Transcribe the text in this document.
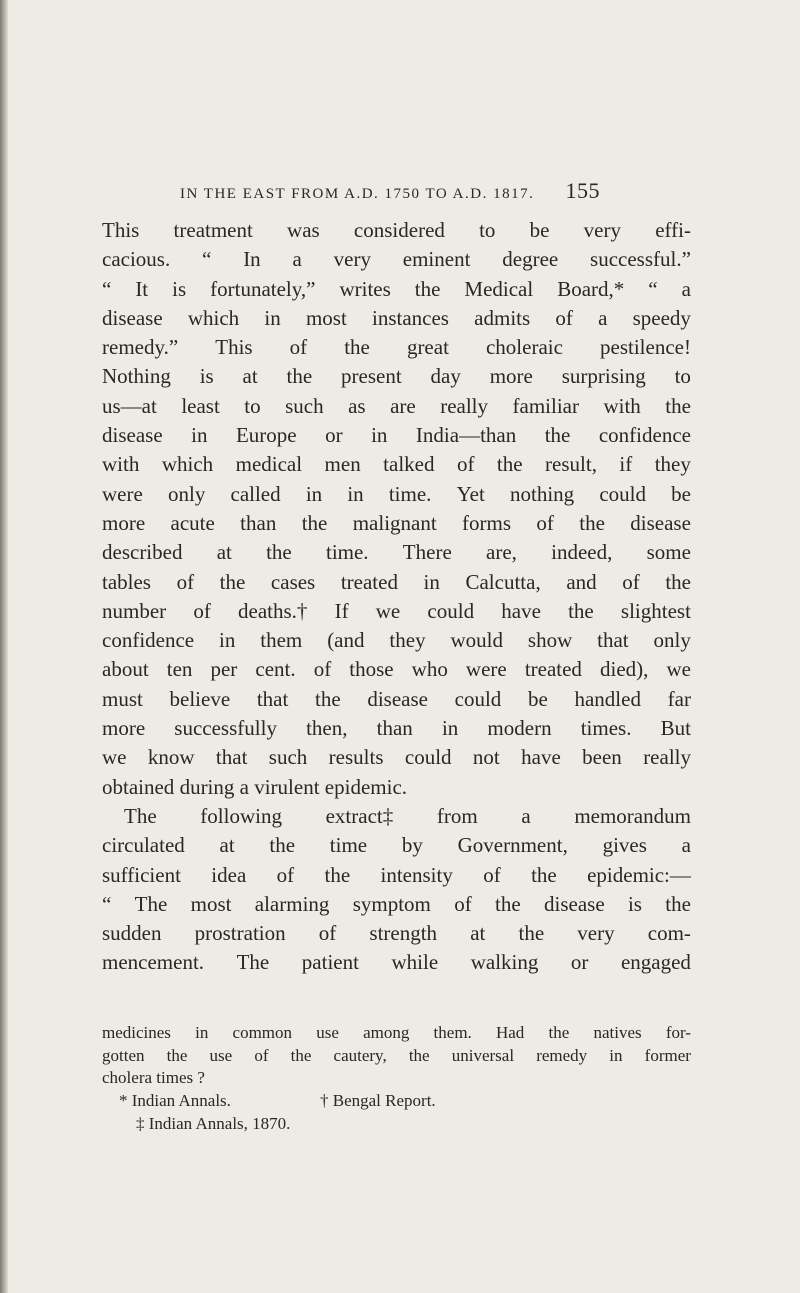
IN THE EAST FROM A.D. 1750 TO A.D. 1817. 155
This treatment was considered to be very effi-
cacious. “ In a very eminent degree successful.”
“ It is fortunately,” writes the Medical Board,* “ a
disease which in most instances admits of a speedy
remedy.” This of the great choleraic pestilence!
Nothing is at the present day more surprising to
us—at least to such as are really familiar with the
disease in Europe or in India—than the confidence
with which medical men talked of the result, if they
were only called in in time. Yet nothing could be
more acute than the malignant forms of the disease
described at the time. There are, indeed, some
tables of the cases treated in Calcutta, and of the
number of deaths.† If we could have the slightest
confidence in them (and they would show that only
about ten per cent. of those who were treated died), we
must believe that the disease could be handled far
more successfully then, than in modern times. But
we know that such results could not have been really
obtained
during
a
virulent
epidemic.
The following extract‡ from a memorandum
circulated at the time by Government, gives a
sufficient idea of the intensity of the epidemic:—
“ The most alarming symptom of the disease is the
sudden prostration of strength at the very com-
mencement. The patient while walking or engaged
medicines in common use among them. Had the natives for-
gotten the use of the cautery, the universal remedy in former
cholera
times
?
* Indian Annals.	† Bengal Report.
‡ Indian Annals, 1870.
